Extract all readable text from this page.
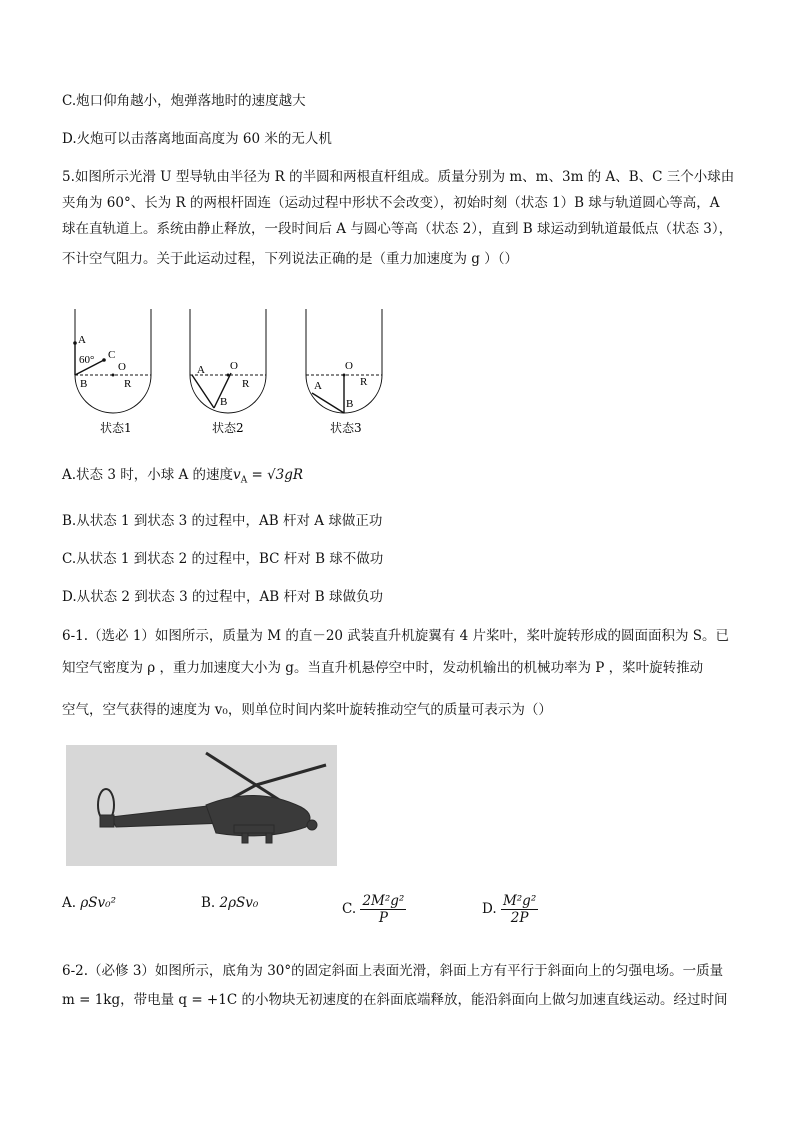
C.炮口仰角越小，炮弹落地时的速度越大
D.火炮可以击落离地面高度为 60 米的无人机
5.如图所示光滑 U 型导轨由半径为 R 的半圆和两根直杆组成。质量分别为 m、m、3m 的 A、B、C 三个小球由
夹角为 60°、长为 R 的两根杆固连（运动过程中形状不会改变），初始时刻（状态 1）B 球与轨道圆心等高，A
球在直轨道上。系统由静止释放，一段时间后 A 与圆心等高（状态 2），直到 B 球运动到轨道最低点（状态 3），
不计空气阻力。关于此运动过程，下列说法正确的是（重力加速度为 g ）（）
A
60° C
O
B	R
状态1
A O
R
B
状态2
A
O
R
B
状态3
A.状态 3 时，小球 A 的速度$v_A = √3gR$
B.从状态 1 到状态 3 的过程中，AB 杆对 A 球做正功
C.从状态 1 到状态 2 的过程中，BC 杆对 B 球不做功
D.从状态 2 到状态 3 的过程中，AB 杆对 B 球做负功
6-1.（选必 1）如图所示，质量为 M 的直－20 武装直升机旋翼有 4 片桨叶，桨叶旋转形成的圆面面积为 S。已
知空气密度为 ρ ，重力加速度大小为 g。当直升机悬停空中时，发动机输出的机械功率为 P ，桨叶旋转推动
空气，空气获得的速度为 v₀，则单位时间内桨叶旋转推动空气的质量可表示为（）
A. ρSv₀²	B. 2ρSv₀	C. $\frac{\text{2M²g²}}{P}$	D. $\frac{\text{M²g²}}{2P}$
6-2.（必修 3）如图所示，底角为 30°的固定斜面上表面光滑，斜面上方有平行于斜面向上的匀强电场。一质量
m = 1kg，带电量 q = +1C 的小物块无初速度的在斜面底端释放，能沿斜面向上做匀加速直线运动。经过时间
